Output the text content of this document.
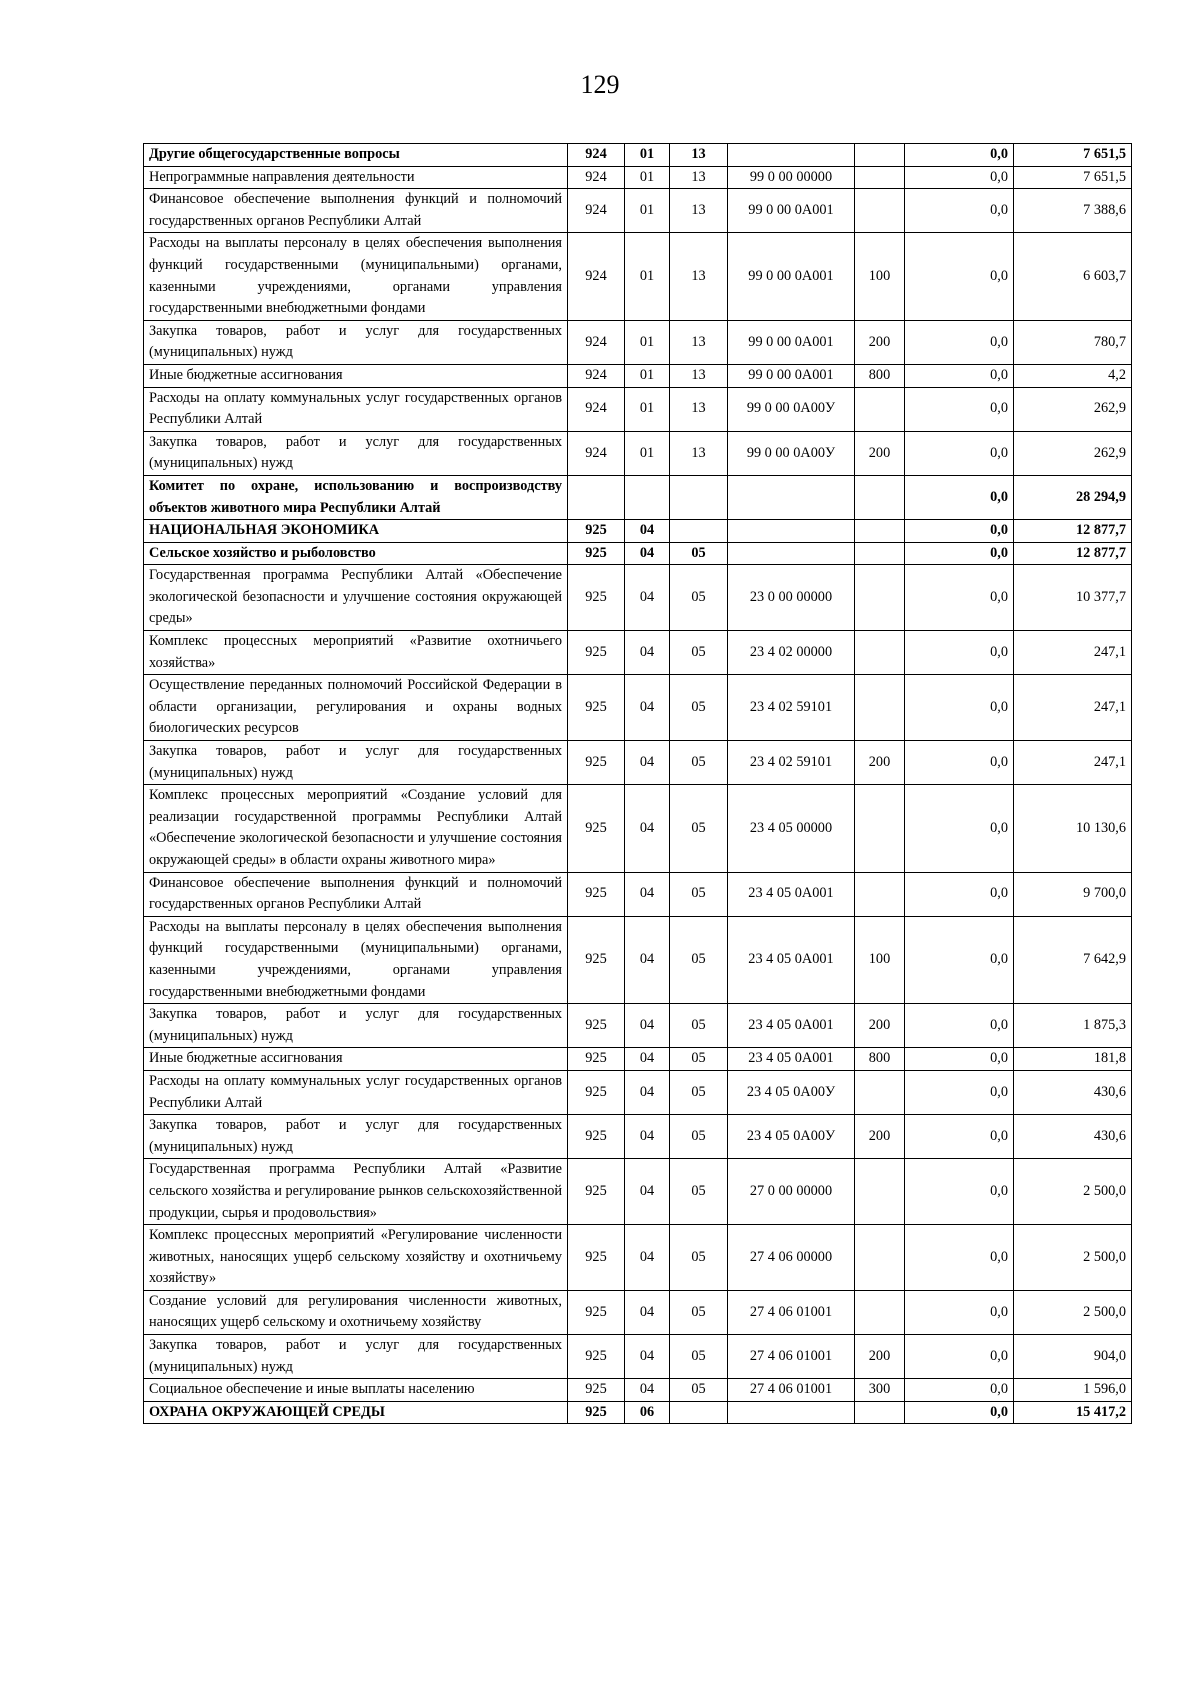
129
Другие общегосударственные вопросы	924	01	13			0,0	7 651,5
Непрограммные направления деятельности	924	01	13	99 0 00 00000		0,0	7 651,5
Финансовое обеспечение выполнения функций и полномочий государственных органов Республики Алтай	924	01	13	99 0 00 0А001		0,0	7 388,6
Расходы на выплаты персоналу в целях обеспечения выполнения функций государственными (муниципальными) органами, казенными учреждениями, органами управления государственными внебюджетными фондами	924	01	13	99 0 00 0А001	100	0,0	6 603,7
Закупка товаров, работ и услуг для государственных (муниципальных) нужд	924	01	13	99 0 00 0А001	200	0,0	780,7
Иные бюджетные ассигнования	924	01	13	99 0 00 0А001	800	0,0	4,2
Расходы на оплату коммунальных услуг государственных органов Республики Алтай	924	01	13	99 0 00 0А00У		0,0	262,9
Закупка товаров, работ и услуг для государственных (муниципальных) нужд	924	01	13	99 0 00 0А00У	200	0,0	262,9
Комитет по охране, использованию и воспроизводству объектов животного мира Республики Алтай						0,0	28 294,9
НАЦИОНАЛЬНАЯ ЭКОНОМИКА	925	04				0,0	12 877,7
Сельское хозяйство и рыболовство	925	04	05			0,0	12 877,7
Государственная программа Республики Алтай «Обеспечение экологической безопасности и улучшение состояния окружающей среды»	925	04	05	23 0 00 00000		0,0	10 377,7
Комплекс процессных мероприятий «Развитие охотничьего хозяйства»	925	04	05	23 4 02 00000		0,0	247,1
Осуществление переданных полномочий Российской Федерации в области организации, регулирования и охраны водных биологических ресурсов	925	04	05	23 4 02 59101		0,0	247,1
Закупка товаров, работ и услуг для государственных (муниципальных) нужд	925	04	05	23 4 02 59101	200	0,0	247,1
Комплекс процессных мероприятий «Создание условий для реализации государственной программы Республики Алтай «Обеспечение экологической безопасности и улучшение состояния окружающей среды» в области охраны животного мира»	925	04	05	23 4 05 00000		0,0	10 130,6
Финансовое обеспечение выполнения функций и полномочий государственных органов Республики Алтай	925	04	05	23 4 05 0А001		0,0	9 700,0
Расходы на выплаты персоналу в целях обеспечения выполнения функций государственными (муниципальными) органами, казенными учреждениями, органами управления государственными внебюджетными фондами	925	04	05	23 4 05 0А001	100	0,0	7 642,9
Закупка товаров, работ и услуг для государственных (муниципальных) нужд	925	04	05	23 4 05 0А001	200	0,0	1 875,3
Иные бюджетные ассигнования	925	04	05	23 4 05 0А001	800	0,0	181,8
Расходы на оплату коммунальных услуг государственных органов Республики Алтай	925	04	05	23 4 05 0А00У		0,0	430,6
Закупка товаров, работ и услуг для государственных (муниципальных) нужд	925	04	05	23 4 05 0А00У	200	0,0	430,6
Государственная программа Республики Алтай «Развитие сельского хозяйства и регулирование рынков сельскохозяйственной продукции, сырья и продовольствия»	925	04	05	27 0 00 00000		0,0	2 500,0
Комплекс процессных мероприятий «Регулирование численности животных, наносящих ущерб сельскому хозяйству и охотничьему хозяйству»	925	04	05	27 4 06 00000		0,0	2 500,0
Создание условий для регулирования численности животных, наносящих ущерб сельскому и охотничьему хозяйству	925	04	05	27 4 06 01001		0,0	2 500,0
Закупка товаров, работ и услуг для государственных (муниципальных) нужд	925	04	05	27 4 06 01001	200	0,0	904,0
Социальное обеспечение и иные выплаты населению	925	04	05	27 4 06 01001	300	0,0	1 596,0
ОХРАНА ОКРУЖАЮЩЕЙ СРЕДЫ	925	06				0,0	15 417,2
